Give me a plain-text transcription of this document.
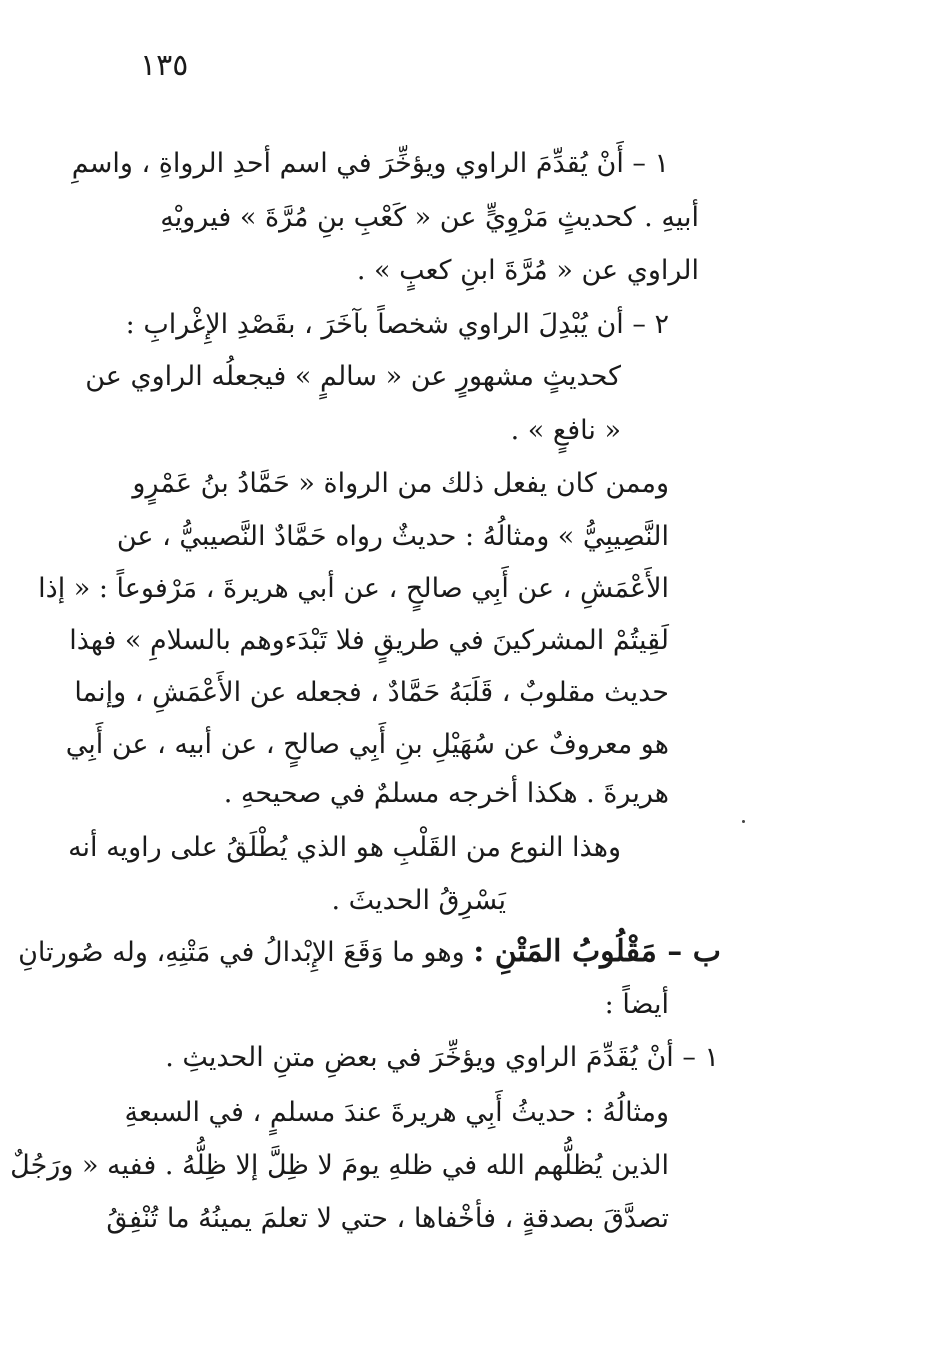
١٣٥
١ – أَنْ يُقدِّمَ الراوي ويؤخِّرَ في اسم أحدِ الرواةِ ، واسمِ
أبيهِ . كحديثٍ مَرْوِيٍّ عن « كَعْبِ بنِ مُرَّةَ » فيرويْهِ
الراوي عن « مُرَّةَ ابنِ كعبٍ » .
٢ – أن يُبْدِلَ الراوي شخصاً بآخَرَ ، بقَصْدِ الإِغْرابِ :
كحديثٍ مشهورٍ عن « سالمٍ » فيجعلُه الراوي عن
« نافعٍ » .
وممن كان يفعل ذلك من الرواة « حَمَّادُ بنُ عَمْرٍو
النَّصِيبِيُّ » ومثالُهُ : حديثٌ رواه حَمَّادٌ النَّصيبيُّ ، عن
الأَعْمَشِ ، عن أَبِي صالحٍ ، عن أبي هريرةَ ، مَرْفوعاً : « إذا
لَقِيتُمْ المشركينَ في طريقٍ فلا تَبْدَءوهم بالسلامِ » فهذا
حديث مقلوبٌ ، قَلَبَهُ حَمَّادٌ ، فجعله عن الأَعْمَشِ ، وإنما
هو معروفٌ عن سُهَيْلِ بنِ أَبِي صالحٍ ، عن أبيه ، عن أَبِي
هريرةَ . هكذا أخرجه مسلمٌ في صحيحهِ .
وهذا النوع من القَلْبِ هو الذي يُطْلَقُ على راويه أنه
يَسْرِقُ الحديثَ .
ب – مَقْلُوبُ المَتْنِ : وهو ما وَقَعَ الإِبْدالُ في مَتْنِهِ، وله صُورتانِ
أيضاً :
١ – أنْ يُقَدِّمَ الراوي ويؤخِّرَ في بعضِ متنِ الحديثِ .
ومثالُهُ : حديثُ أَبِي هريرةَ عندَ مسلمٍ ، في السبعةِ
الذين يُظلُّهم الله في ظلهِ يومَ لا ظِلَّ إلا ظِلُّهُ . ففيه « ورَجُلٌ
تصدَّقَ بصدقةٍ ، فأخْفاها ، حتي لا تعلمَ يمينُهُ ما تُنْفِقُ
